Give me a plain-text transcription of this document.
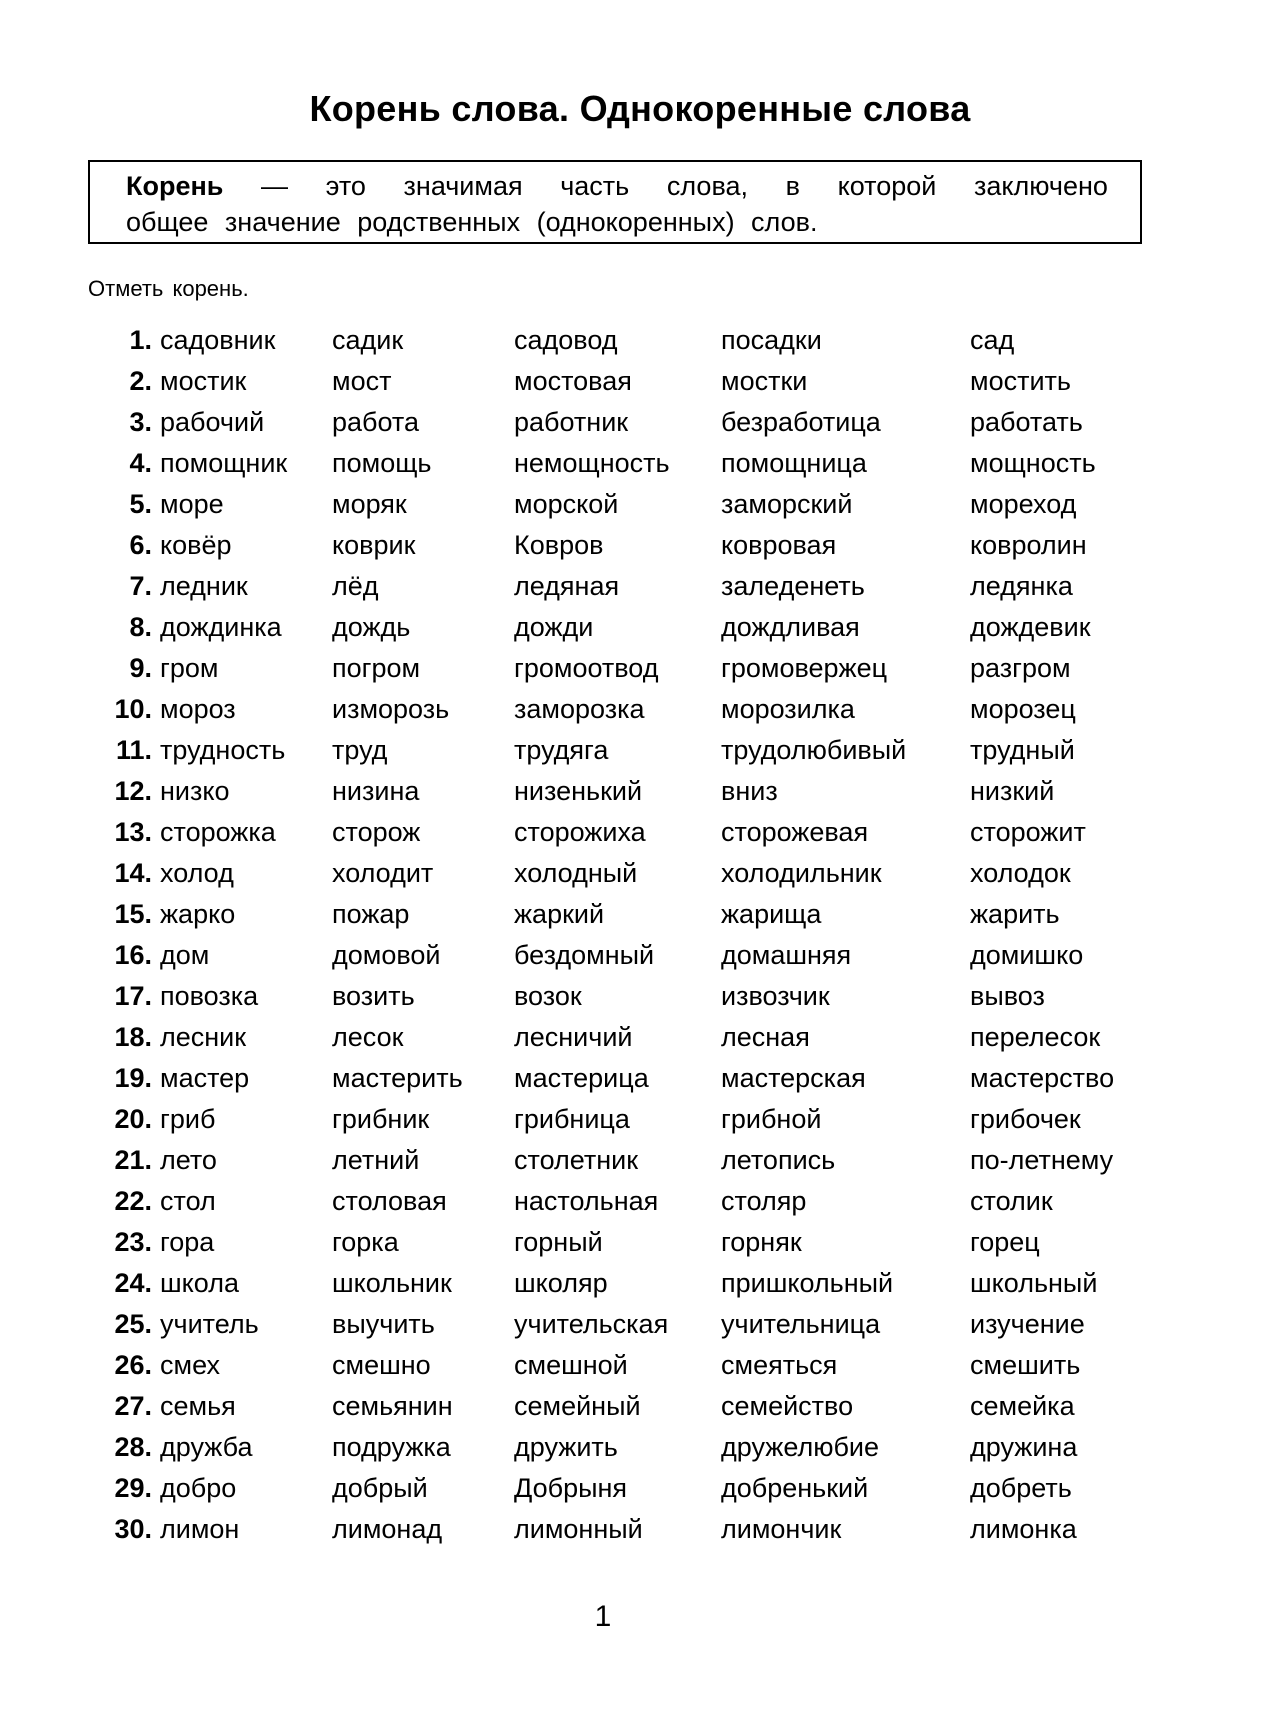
Корень слова. Однокоренные слова
Корень — это значимая часть слова, в которой заключено
общее значение родственных (однокоренных) слов.
Отметь корень.
1.	садовник	садик	садовод	посадки	сад
2.	мостик	мост	мостовая	мостки	мостить
3.	рабочий	работа	работник	безработица	работать
4.	помощник	помощь	немощность	помощница	мощность
5.	море	моряк	морской	заморский	мореход
6.	ковёр	коврик	Ковров	ковровая	ковролин
7.	ледник	лёд	ледяная	заледенеть	ледянка
8.	дождинка	дождь	дожди	дождливая	дождевик
9.	гром	погром	громоотвод	громовержец	разгром
10.	мороз	изморозь	заморозка	морозилка	морозец
11.	трудность	труд	трудяга	трудолюбивый	трудный
12.	низко	низина	низенький	вниз	низкий
13.	сторожка	сторож	сторожиха	сторожевая	сторожит
14.	холод	холодит	холодный	холодильник	холодок
15.	жарко	пожар	жаркий	жарища	жарить
16.	дом	домовой	бездомный	домашняя	домишко
17.	повозка	возить	возок	извозчик	вывоз
18.	лесник	лесок	лесничий	лесная	перелесок
19.	мастер	мастерить	мастерица	мастерская	мастерство
20.	гриб	грибник	грибница	грибной	грибочек
21.	лето	летний	столетник	летопись	по-летнему
22.	стол	столовая	настольная	столяр	столик
23.	гора	горка	горный	горняк	горец
24.	школа	школьник	школяр	пришкольный	школьный
25.	учитель	выучить	учительская	учительница	изучение
26.	смех	смешно	смешной	смеяться	смешить
27.	семья	семьянин	семейный	семейство	семейка
28.	дружба	подружка	дружить	дружелюбие	дружина
29.	добро	добрый	Добрыня	добренький	добреть
30.	лимон	лимонад	лимонный	лимончик	лимонка
1
